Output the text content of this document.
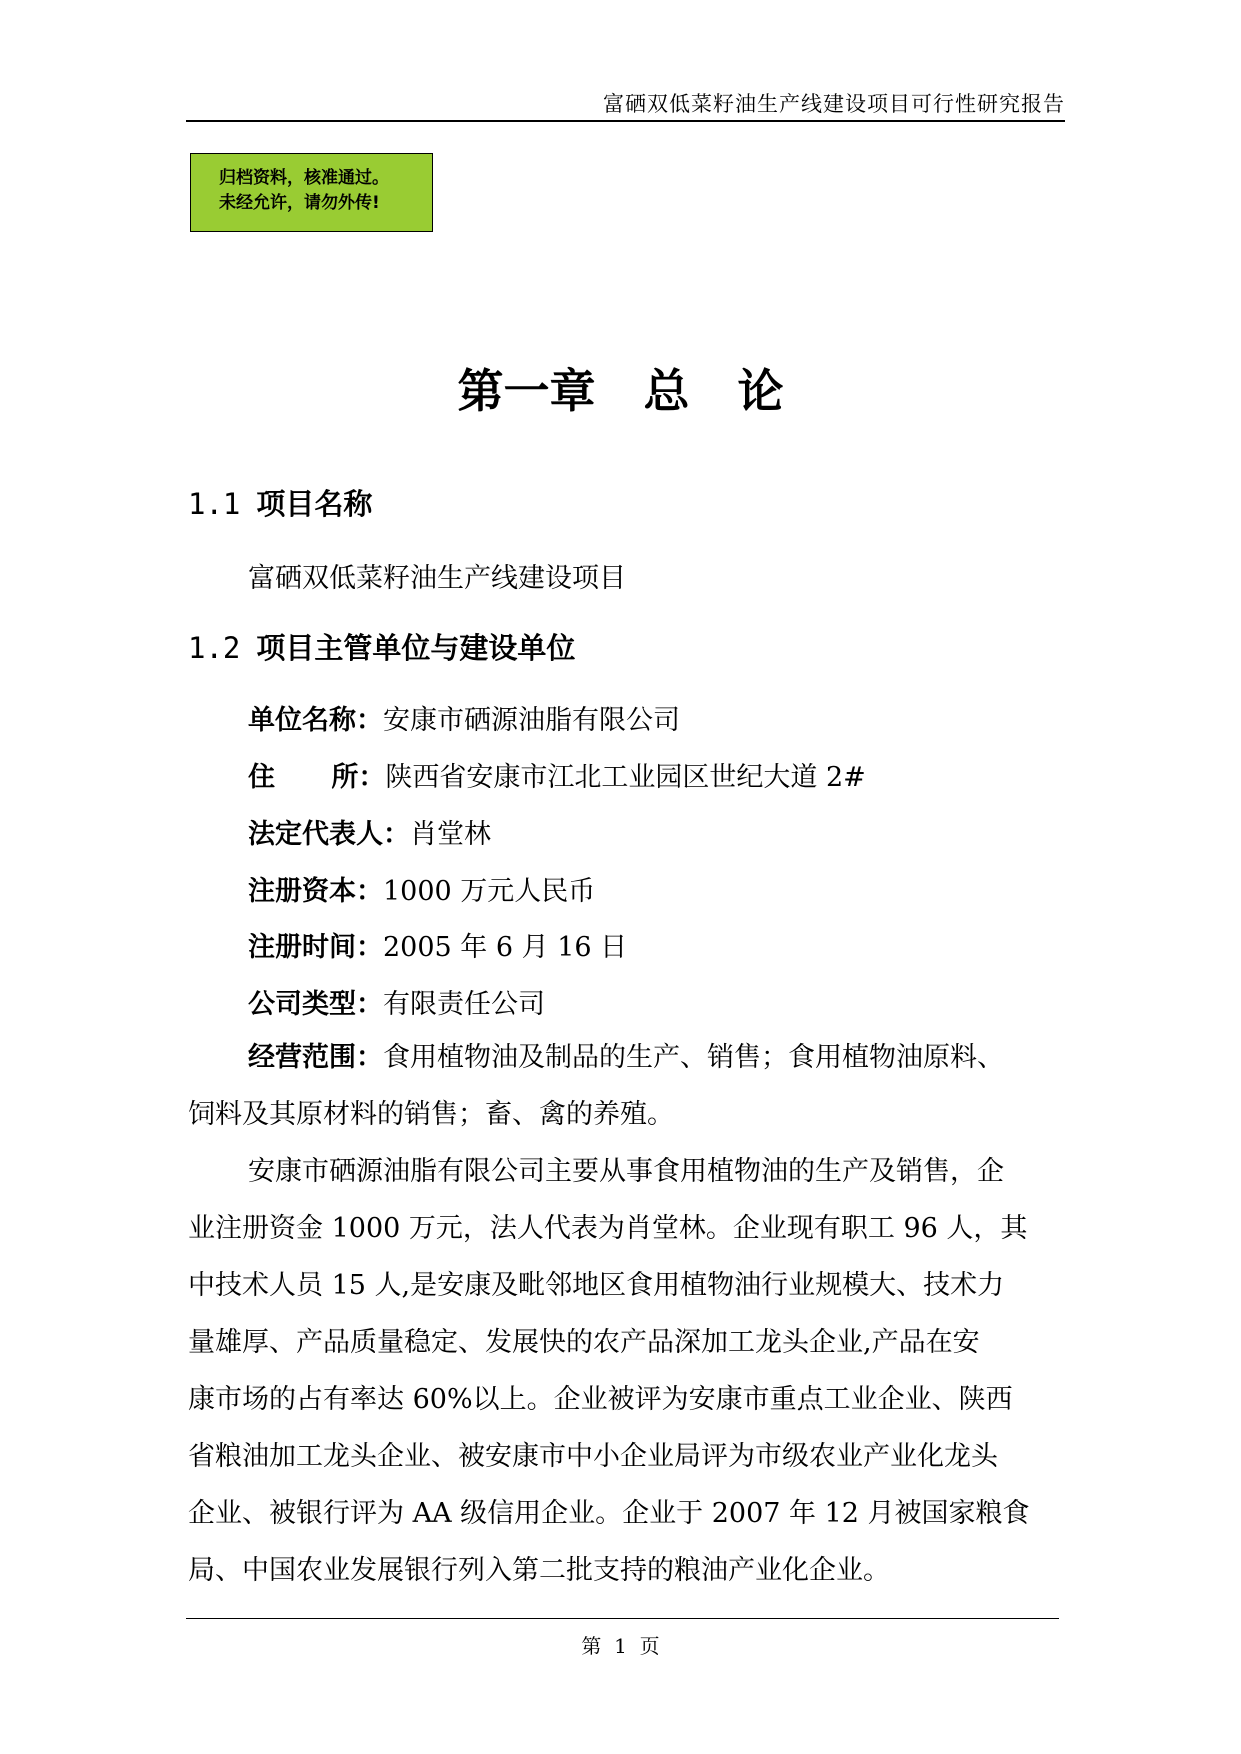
富硒双低菜籽油生产线建设项目可行性研究报告
归档资料，核准通过。
未经允许，请勿外传!
第一章   总   论
1.1 项目名称
富硒双低菜籽油生产线建设项目
1.2 项目主管单位与建设单位
单位名称：安康市硒源油脂有限公司
住      所：陕西省安康市江北工业园区世纪大道 2#
法定代表人：肖堂林
注册资本：1000 万元人民币
注册时间：2005 年 6 月 16 日
公司类型：有限责任公司
经营范围：食用植物油及制品的生产、销售；食用植物油原料、
饲料及其原材料的销售；畜、禽的养殖。
安康市硒源油脂有限公司主要从事食用植物油的生产及销售，企
业注册资金 1000 万元，法人代表为肖堂林。企业现有职工 96 人，其
中技术人员 15 人,是安康及毗邻地区食用植物油行业规模大、技术力
量雄厚、产品质量稳定、发展快的农产品深加工龙头企业,产品在安
康市场的占有率达 60%以上。企业被评为安康市重点工业企业、陕西
省粮油加工龙头企业、被安康市中小企业局评为市级农业产业化龙头
企业、被银行评为 AA 级信用企业。企业于 2007 年 12 月被国家粮食
局、中国农业发展银行列入第二批支持的粮油产业化企业。
第  1  页
